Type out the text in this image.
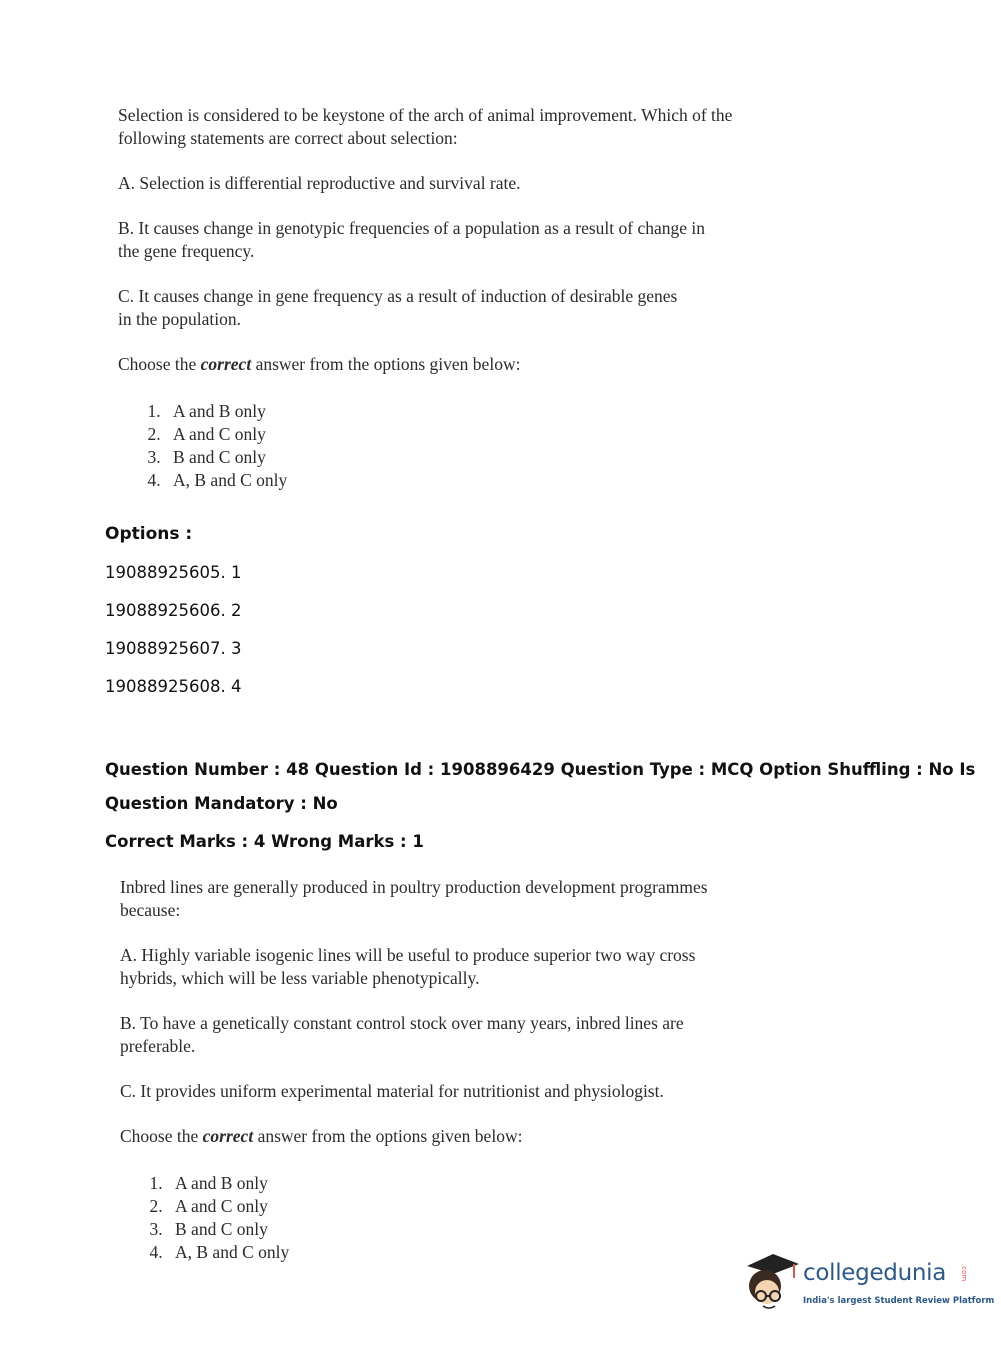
Selection is considered to be keystone of the arch of animal improvement. Which of the following statements are correct about selection:

A. Selection is differential reproductive and survival rate.

B. It causes change in genotypic frequencies of a population as a result of change in the gene frequency.

C. It causes change in gene frequency as a result of induction of desirable genes in the population.

Choose the correct answer from the options given below:

1. A and B only
2. A and C only
3. B and C only
4. A, B and C only
Options :
19088925605. 1
19088925606. 2
19088925607. 3
19088925608. 4
Question Number : 48 Question Id : 1908896429 Question Type : MCQ Option Shuffling : No Is
Question Mandatory : No
Correct Marks : 4 Wrong Marks : 1

Inbred lines are generally produced in poultry production development programmes because:

A. Highly variable isogenic lines will be useful to produce superior two way cross hybrids, which will be less variable phenotypically.

B. To have a genetically constant control stock over many years, inbred lines are preferable.

C. It provides uniform experimental material for nutritionist and physiologist.

Choose the correct answer from the options given below:

1. A and B only
2. A and C only
3. B and C only
4. A, B and C only
collegedunia .com
India's largest Student Review Platform
